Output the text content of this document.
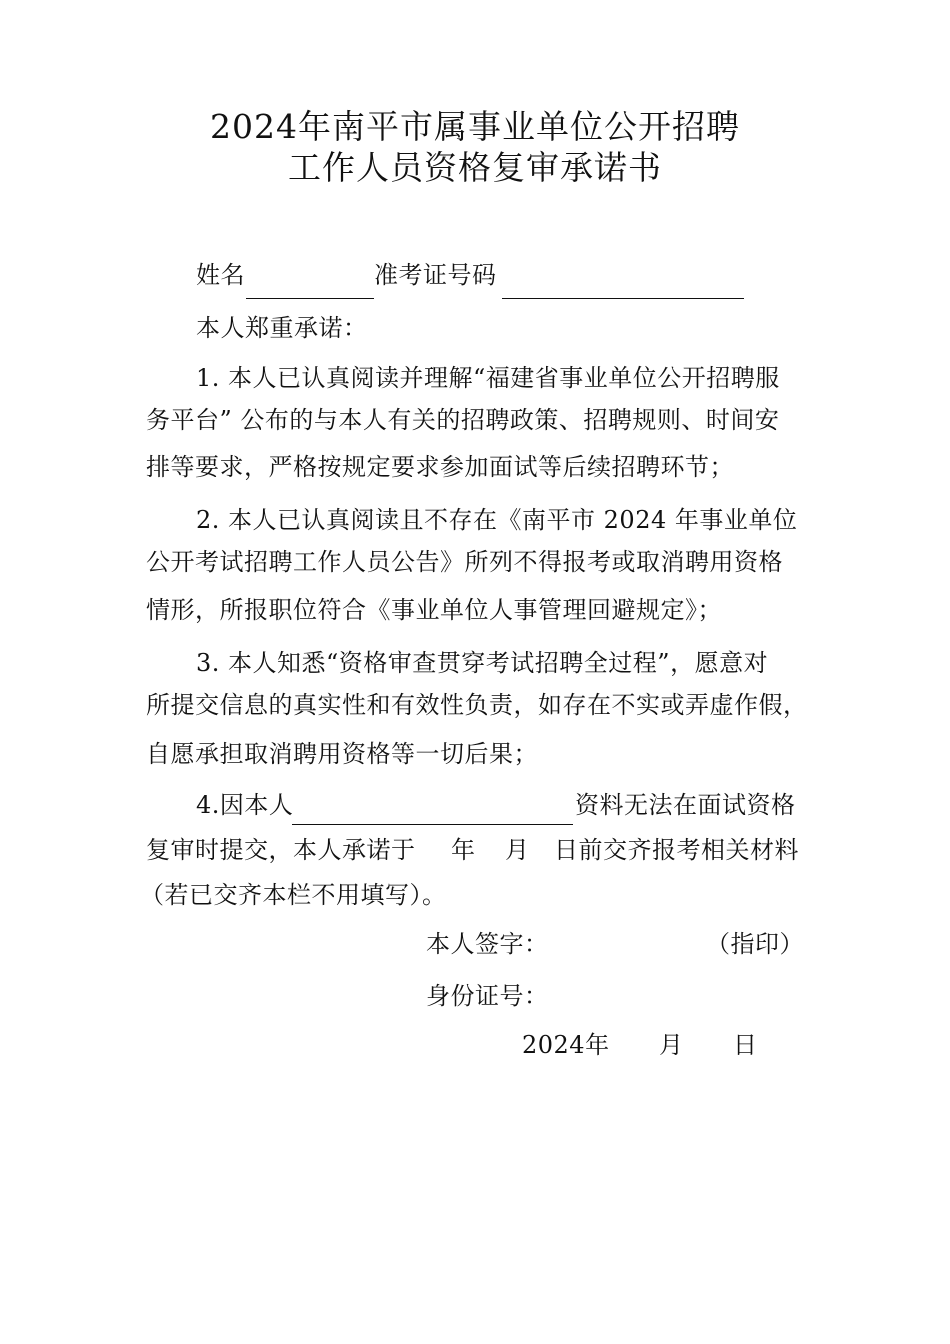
2024年南平市属事业单位公开招聘
工作人员资格复审承诺书
姓名	准考证号码
本人郑重承诺：
1. 本人已认真阅读并理解“福建省事业单位公开招聘服
务平台” 公布的与本人有关的招聘政策、招聘规则、时间安
排等要求，严格按规定要求参加面试等后续招聘环节；
2. 本人已认真阅读且不存在《南平市 2024 年事业单位
公开考试招聘工作人员公告》所列不得报考或取消聘用资格
情形，所报职位符合《事业单位人事管理回避规定》；
3. 本人知悉“资格审查贯穿考试招聘全过程”，愿意对
所提交信息的真实性和有效性负责，如存在不实或弄虚作假，
自愿承担取消聘用资格等一切后果；
4.因本人	资料无法在面试资格
复审时提交，本人承诺于 年 月 日前交齐报考相关材料
（若已交齐本栏不用填写）。
本人签字：	（指印）
身份证号：
2024年 月 日
